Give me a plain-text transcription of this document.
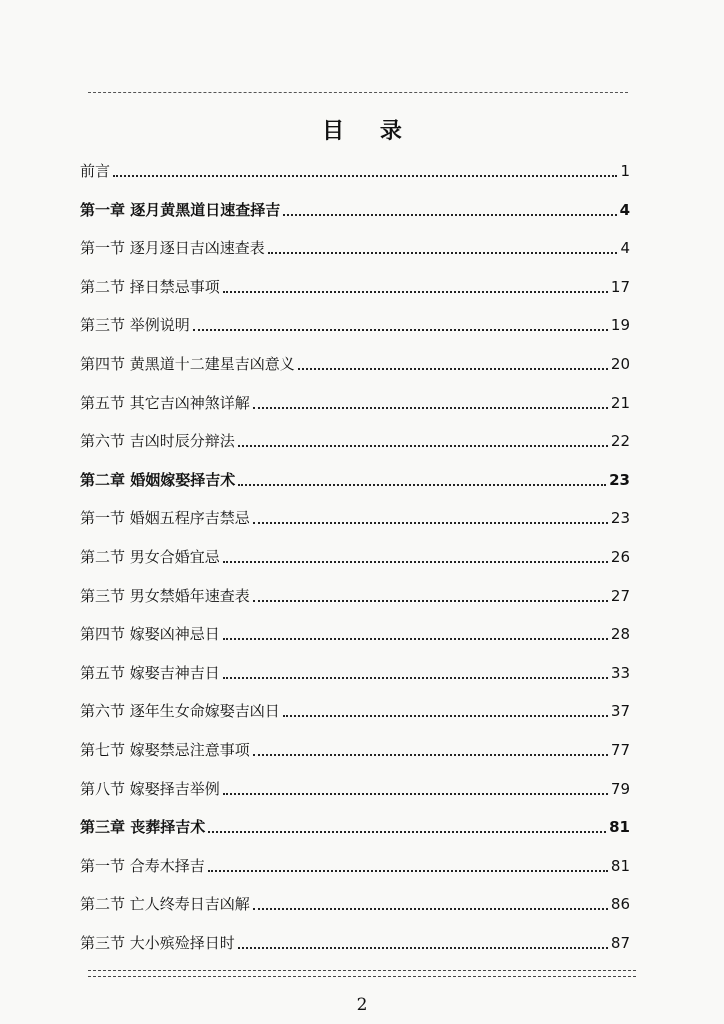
目 录
前言	1
第一章 逐月黄黑道日速查择吉	4
第一节 逐月逐日吉凶速查表	4
第二节 择日禁忌事项	17
第三节 举例说明	19
第四节 黄黑道十二建星吉凶意义	20
第五节 其它吉凶神煞详解	21
第六节 吉凶时辰分辩法	22
第二章 婚姻嫁娶择吉术	23
第一节 婚姻五程序吉禁忌	23
第二节 男女合婚宜忌	26
第三节 男女禁婚年速查表	27
第四节 嫁娶凶神忌日	28
第五节 嫁娶吉神吉日	33
第六节 逐年生女命嫁娶吉凶日	37
第七节 嫁娶禁忌注意事项	77
第八节 嫁娶择吉举例	79
第三章 丧葬择吉术	81
第一节 合寿木择吉	81
第二节 亡人终寿日吉凶解	86
第三节 大小殡殓择日时	87
2
